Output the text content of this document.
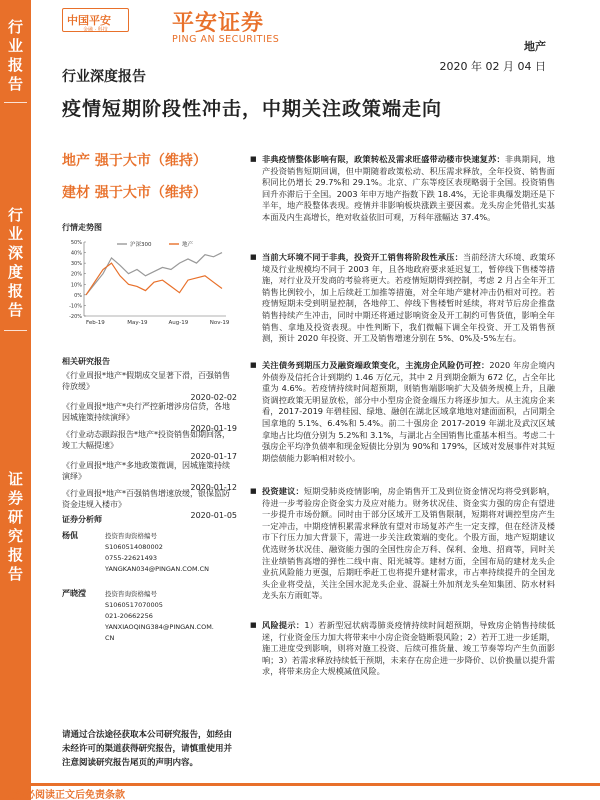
行
业
报
告
行
业
深
度
报
告
证
券
研
究
报
告
中国平安
金融 · 科技	平安证券
PING AN SECURITIES
地产
2020 年 02 月 04 日
行业深度报告
疫情短期阶段性冲击，中期关注政策端走向
地产 强于大市（维持）
建材 强于大市（维持）
行情走势图
50%
40%
30%
20%
10%
0%
-10%
-20%
Feb-19	May-19	Aug-19	Nov-19
沪深300	地产
相关研究报告
《行业周报*地产*假期成交显著下滑，百强销售待放缓》
2020-02-02
《行业周报*地产*央行严控新增涉房信贷，各地因城施策持续演绎》
2020-01-19
《行业动态跟踪报告*地产*投资销售如期回落，竣工大幅提速》
2020-01-17
《行业周报*地产*多地政策微调，因城施策持续演绎》
2020-01-12
《行业周报*地产*百强销售增速放缓，银保监防资金违规入楼市》
2020-01-05
证券分析师
杨侃	投资咨询资格编号
S1060514080002
0755-22621493
YANGKAN034@PINGAN.COM.CN
严晓滢	投资咨询资格编号
S1060517070005
021-20662256
YANXIAOQING384@PINGAN.COM.
CN
请通过合法途径获取本公司研究报告，如经由未经许可的渠道获得研究报告，请慎重使用并注意阅读研究报告尾页的声明内容。
■ 非典疫情整体影响有限，政策转松及需求旺盛带动楼市快速复苏：非典期间，地产投资销售短期回调，但中期随着政策松动、积压需求释放，全年投资、销售面积同比仍增长 29.7%和 29.1%。北京、广东等疫区表现略弱于全国。投资销售回升亦滞后于全国。2003 年申万地产指数下跌 18.4%，无论非典爆发期还是下半年，地产股整体表现。疫情并非影响板块涨跌主要因素。龙头房企凭借扎实基本面及内生高增长，绝对收益依旧可观，万科年涨幅达 37.4%。
■ 当前大环境不同于非典，投资开工销售将阶段性承压：当前经济大环境、政策环境及行业规模均不同于 2003 年，且各地政府要求延迟复工，暂停线下售楼等措施，对行业及开发商的考验将更大。若疫情短期得到控制，考虑 2 月占全年开工销售比例较小，加上后续赶工加推等措施，对全年地产建材冲击仍相对可控。若疫情短期未受到明显控制，各地停工、停线下售楼暂时延续，将对节后房企推盘销售持续产生冲击，同时中期还将通过影响资金及开工制约可售货值，影响全年销售、拿地及投资表现。中性判断下，我们微幅下调全年投资、开工及销售预测，预计 2020 年投资、开工及销售增速分别在 5%、0%及-5%左右。
■ 关注债务到期压力及融资端政策变化，主流房企风险仍可控：2020 年房企境内外债券及信托合计到期约 1.46 万亿元，其中 2 月到期金额为 672 亿，占全年比重为 4.6%。若疫情持续时间超预期，则销售端影响扩大及债务规模上升，且融资调控政策无明显放松，部分中小型房企资金端压力将逐步加大。从主流房企来看，2017-2019 年碧桂园、绿地、融创在湖北区域拿地地对建面面积，占同期全国拿地的 5.1%、6.4%和 5.4%。前二十强房企 2017-2019 年湖北及武汉区域拿地占比均值分别为 5.2%和 3.1%，与湖北占全国销售比重基本相当。考虑二十强房企平均净负债率和现金短债比分别为 90%和 179%，区域对发展事件对其短期偿债能力影响相对较小。
■ 投资建议：短期受肺炎疫情影响，房企销售开工及到位资金情况均将受到影响，待进一步考验房企资金实力及应对能力。财务状况佳、资金实力强的房企有望进一步提升市场份额。同时由于部分区域开工及销售限制，短期将对调控型房产生一定冲击，中期疫情积累需求释放有望对市场复苏产生一定支撑，但在经济及楼市下行压力加大背景下，需进一步关注政策端的变化。个股方面，地产短期建议优选财务状况佳、融资能力强的全国性房企万科、保利、金地、招商等，同时关注业绩销售高增的弹性二线中南、阳光城等。建材方面，全国布局的建材龙头企业抗风险能力更强，后期旺季赶工也将提升建材需求，市占率持续提升的全国龙头企业将受益，关注全国水泥龙头企业、混凝土外加剂龙头垒知集团、防水材料龙头东方雨虹等。
■ 风险提示：1）若新型冠状病毒肺炎疫情持续时间超预期，导致房企销售持续低迷，行业资金压力加大将带来中小房企资金链断裂风险；2）若开工进一步延期，施工进度受到影响，则将对施工投资、后续可推货量、竣工节奏等均产生负面影响；3）若需求释放持续低于预期，未来存在房企进一步降价、以价换量以提升需求，将带来房企大规模减值风险。
请务必阅读正文后免责条款
